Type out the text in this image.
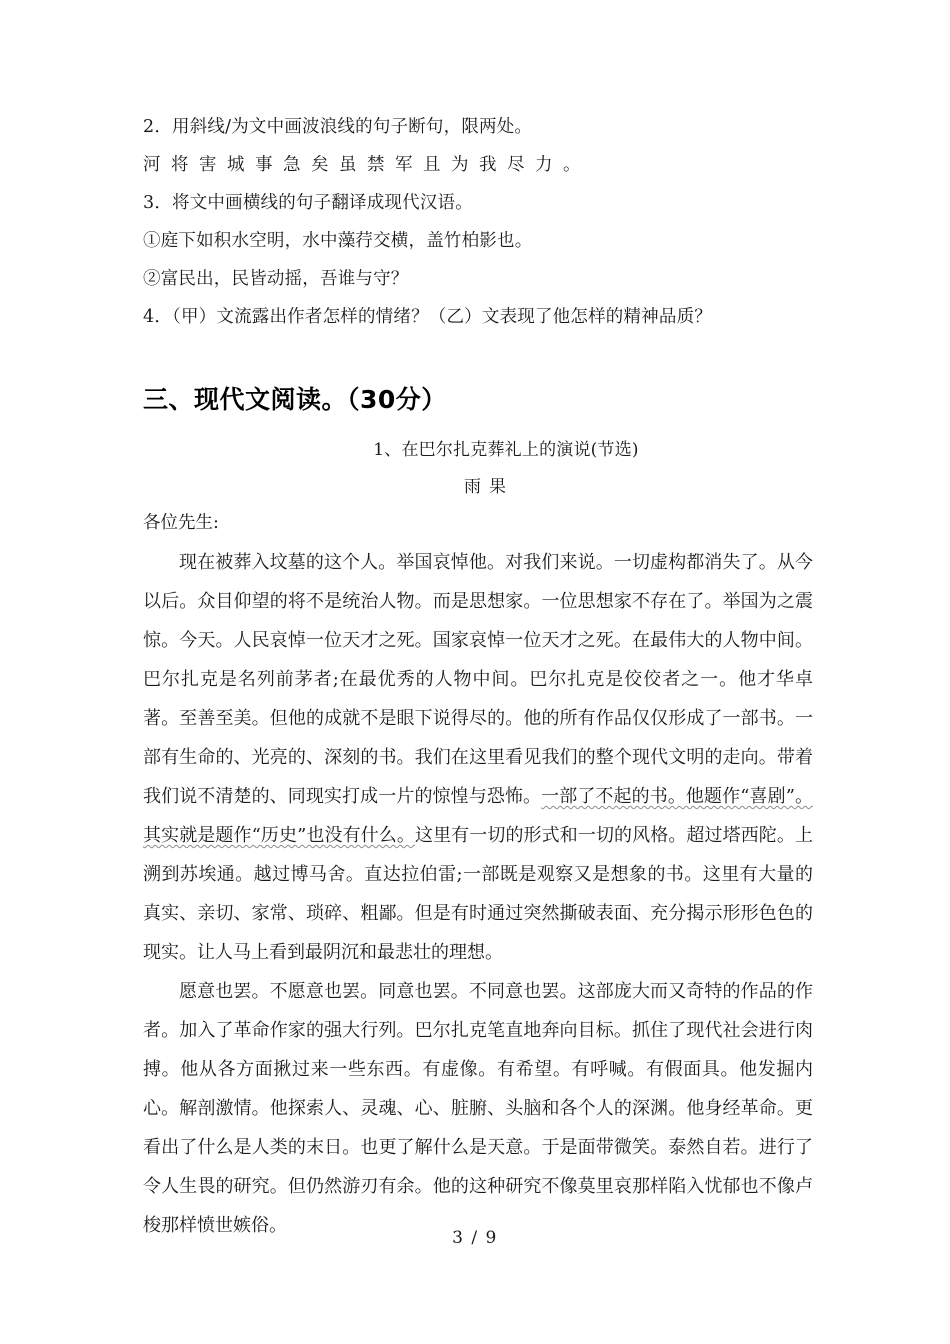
2．用斜线/为文中画波浪线的句子断句，限两处。
河将害城事急矣虽禁军且为我尽力。
3．将文中画横线的句子翻译成现代汉语。
①庭下如积水空明，水中藻荇交横，盖竹柏影也。
②富民出，民皆动摇，吾谁与守？
4．（甲）文流露出作者怎样的情绪？（乙）文表现了他怎样的精神品质？
三、现代文阅读。（30分）
1、在巴尔扎克葬礼上的演说(节选)
雨果
各位先生:

现在被葬入坟墓的这个人。举国哀悼他。对我们来说。一切虚构都消失了。从今以后。众目仰望的将不是统治人物。而是思想家。一位思想家不存在了。举国为之震惊。今天。人民哀悼一位天才之死。国家哀悼一位天才之死。在最伟大的人物中间。巴尔扎克是名列前茅者;在最优秀的人物中间。巴尔扎克是佼佼者之一。他才华卓著。至善至美。但他的成就不是眼下说得尽的。他的所有作品仅仅形成了一部书。一部有生命的、光亮的、深刻的书。我们在这里看见我们的整个现代文明的走向。带着我们说不清楚的、同现实打成一片的惊惶与恐怖。一部了不起的书。他题作“喜剧”。其实就是题作“历史”也没有什么。这里有一切的形式和一切的风格。超过塔西陀。上溯到苏埃通。越过博马舍。直达拉伯雷;一部既是观察又是想象的书。这里有大量的真实、亲切、家常、琐碎、粗鄙。但是有时通过突然撕破表面、充分揭示形形色色的现实。让人马上看到最阴沉和最悲壮的理想。

愿意也罢。不愿意也罢。同意也罢。不同意也罢。这部庞大而又奇特的作品的作者。加入了革命作家的强大行列。巴尔扎克笔直地奔向目标。抓住了现代社会进行肉搏。他从各方面揪过来一些东西。有虚像。有希望。有呼喊。有假面具。他发掘内心。解剖激情。他探索人、灵魂、心、脏腑、头脑和各个人的深渊。他身经革命。更看出了什么是人类的末日。也更了解什么是天意。于是面带微笑。泰然自若。进行了令人生畏的研究。但仍然游刃有余。他的这种研究不像莫里哀那样陷入忧郁也不像卢梭那样愤世嫉俗。

3 / 9
